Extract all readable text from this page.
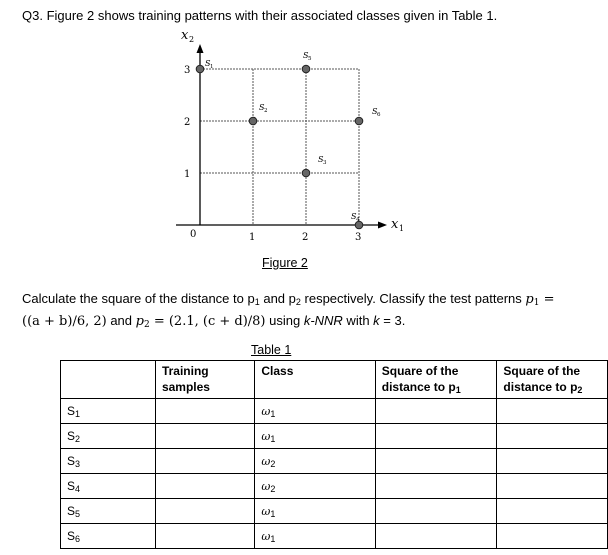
Q3. Figure 2 shows training patterns with their associated classes given in Table 1.
x 2
x 1
0	1	2	3
1
2
3
S 1
S 2
S 3
S 4
S 5
S 6
Figure 2
Calculate the square of the distance to $p_1$ and $p_2$ respectively. Classify the test patterns $p_1$ =
((a + b)/6, 2) and $p_2 = (2.1$, (c + d)/8) using k-NNR with k = 3.
Table 1
	Training
samples	Class	Square of the
distance to $p_1$	Square of the
distance to $p_2$
$S_1$		$\omega_1$		
$S_2$		$\omega_1$		
$S_3$		$\omega_2$		
$S_4$		$\omega_2$		
$S_5$		$\omega_1$		
$S_6$		$\omega_1$		
